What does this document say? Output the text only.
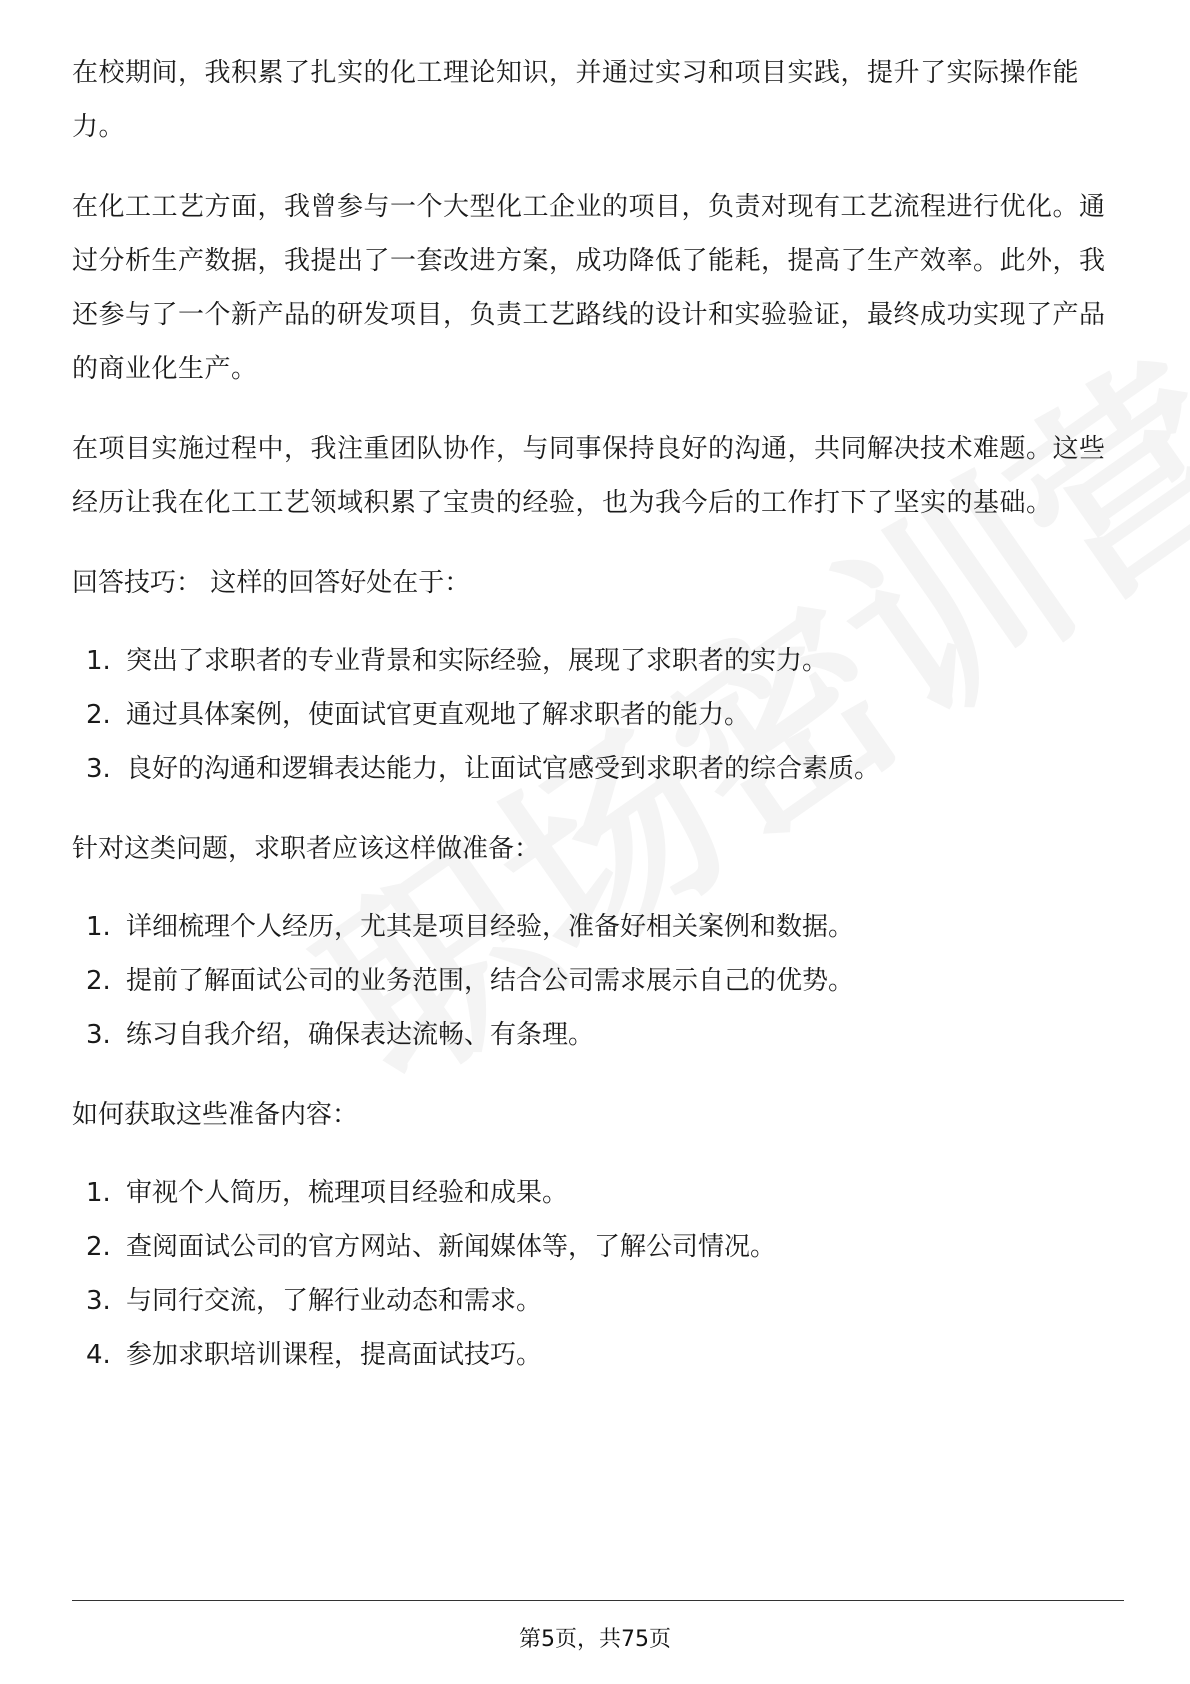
在校期间，我积累了扎实的化工理论知识，并通过实习和项目实践，提升了实际操作能力。

在化工工艺方面，我曾参与一个大型化工企业的项目，负责对现有工艺流程进行优化。通过分析生产数据，我提出了一套改进方案，成功降低了能耗，提高了生产效率。此外，我还参与了一个新产品的研发项目，负责工艺路线的设计和实验验证，最终成功实现了产品的商业化生产。

在项目实施过程中，我注重团队协作，与同事保持良好的沟通，共同解决技术难题。这些经历让我在化工工艺领域积累了宝贵的经验，也为我今后的工作打下了坚实的基础。

回答技巧： 这样的回答好处在于：

1. 突出了求职者的专业背景和实际经验，展现了求职者的实力。
2. 通过具体案例，使面试官更直观地了解求职者的能力。
3. 良好的沟通和逻辑表达能力，让面试官感受到求职者的综合素质。

针对这类问题，求职者应该这样做准备：

1. 详细梳理个人经历，尤其是项目经验，准备好相关案例和数据。
2. 提前了解面试公司的业务范围，结合公司需求展示自己的优势。
3. 练习自我介绍，确保表达流畅、有条理。

如何获取这些准备内容：

1. 审视个人简历，梳理项目经验和成果。
2. 查阅面试公司的官方网站、新闻媒体等，了解公司情况。
3. 与同行交流，了解行业动态和需求。
4. 参加求职培训课程，提高面试技巧。
第5页，共75页
